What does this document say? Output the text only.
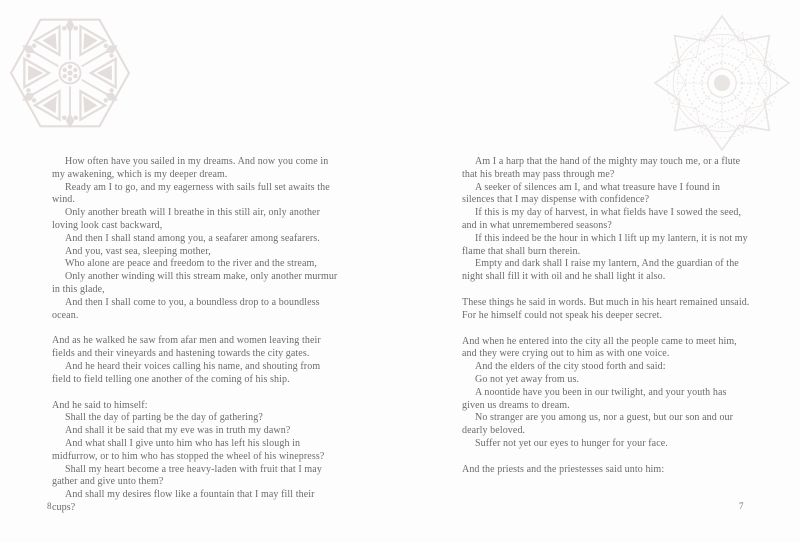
How often have you sailed in my dreams. And now you come in my awakening, which is my deeper dream.

Ready am I to go, and my eagerness with sails full set awaits the wind.

Only another breath will I breathe in this still air, only another loving look cast backward,

And then I shall stand among you, a seafarer among seafarers.

And you, vast sea, sleeping mother,

Who alone are peace and freedom to the river and the stream,

Only another winding will this stream make, only another murmur in this glade,

And then I shall come to you, a boundless drop to a boundless ocean.

And as he walked he saw from afar men and women leaving their fields and their vineyards and hastening towards the city gates.

And he heard their voices calling his name, and shouting from field to field telling one another of the coming of his ship.

And he said to himself:

Shall the day of parting be the day of gathering?

And shall it be said that my eve was in truth my dawn?

And what shall I give unto him who has left his slough in midfurrow, or to him who has stopped the wheel of his winepress?

Shall my heart become a tree heavy-laden with fruit that I may gather and give unto them?

And shall my desires flow like a fountain that I may fill their cups?

Am I a harp that the hand of the mighty may touch me, or a flute that his breath may pass through me?

A seeker of silences am I, and what treasure have I found in silences that I may dispense with confidence?

If this is my day of harvest, in what fields have I sowed the seed, and in what unremembered seasons?

If this indeed be the hour in which I lift up my lantern, it is not my flame that shall burn therein.

Empty and dark shall I raise my lantern, And the guardian of the night shall fill it with oil and he shall light it also.

These things he said in words. But much in his heart remained unsaid. For he himself could not speak his deeper secret.

And when he entered into the city all the people came to meet him, and they were crying out to him as with one voice.

And the elders of the city stood forth and said:

Go not yet away from us.

A noontide have you been in our twilight, and your youth has given us dreams to dream.

No stranger are you among us, nor a guest, but our son and our dearly beloved.

Suffer not yet our eyes to hunger for your face.

And the priests and the priestesses said unto him:

8	7
